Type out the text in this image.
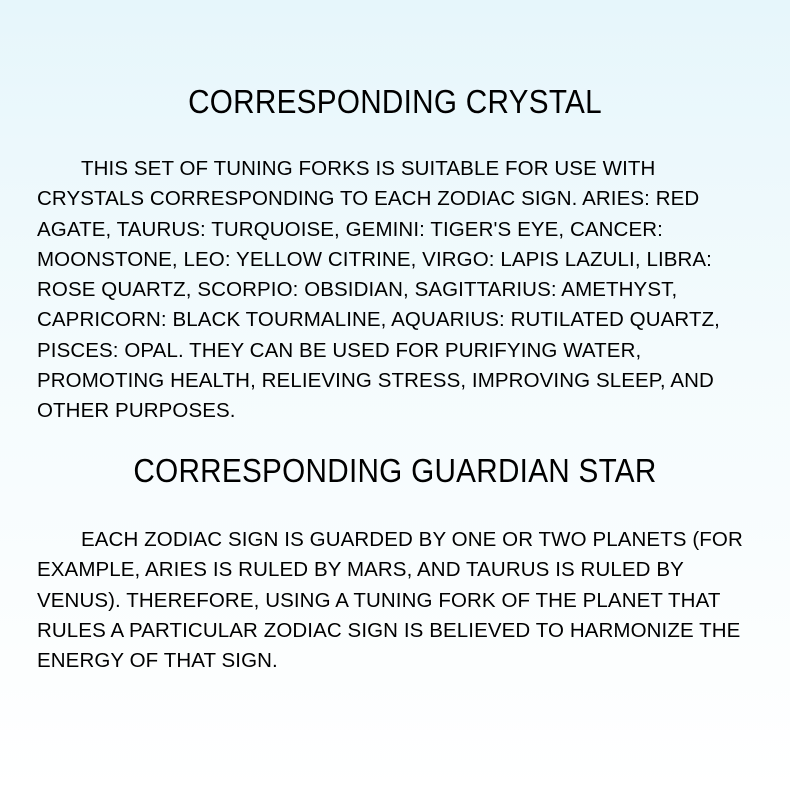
CORRESPONDING CRYSTAL

THIS SET OF TUNING FORKS IS SUITABLE FOR USE WITH CRYSTALS CORRESPONDING TO EACH ZODIAC SIGN. ARIES: RED AGATE, TAURUS: TURQUOISE, GEMINI: TIGER'S EYE, CANCER: MOONSTONE, LEO: YELLOW CITRINE, VIRGO: LAPIS LAZULI, LIBRA: ROSE QUARTZ, SCORPIO: OBSIDIAN, SAGITTARIUS: AMETHYST, CAPRICORN: BLACK TOURMALINE, AQUARIUS: RUTILATED QUARTZ, PISCES: OPAL. THEY CAN BE USED FOR PURIFYING WATER, PROMOTING HEALTH, RELIEVING STRESS, IMPROVING SLEEP, AND OTHER PURPOSES.

CORRESPONDING GUARDIAN STAR

EACH ZODIAC SIGN IS GUARDED BY ONE OR TWO PLANETS (FOR EXAMPLE, ARIES IS RULED BY MARS, AND TAURUS IS RULED BY VENUS). THEREFORE, USING A TUNING FORK OF THE PLANET THAT RULES A PARTICULAR ZODIAC SIGN IS BELIEVED TO HARMONIZE THE ENERGY OF THAT SIGN.
